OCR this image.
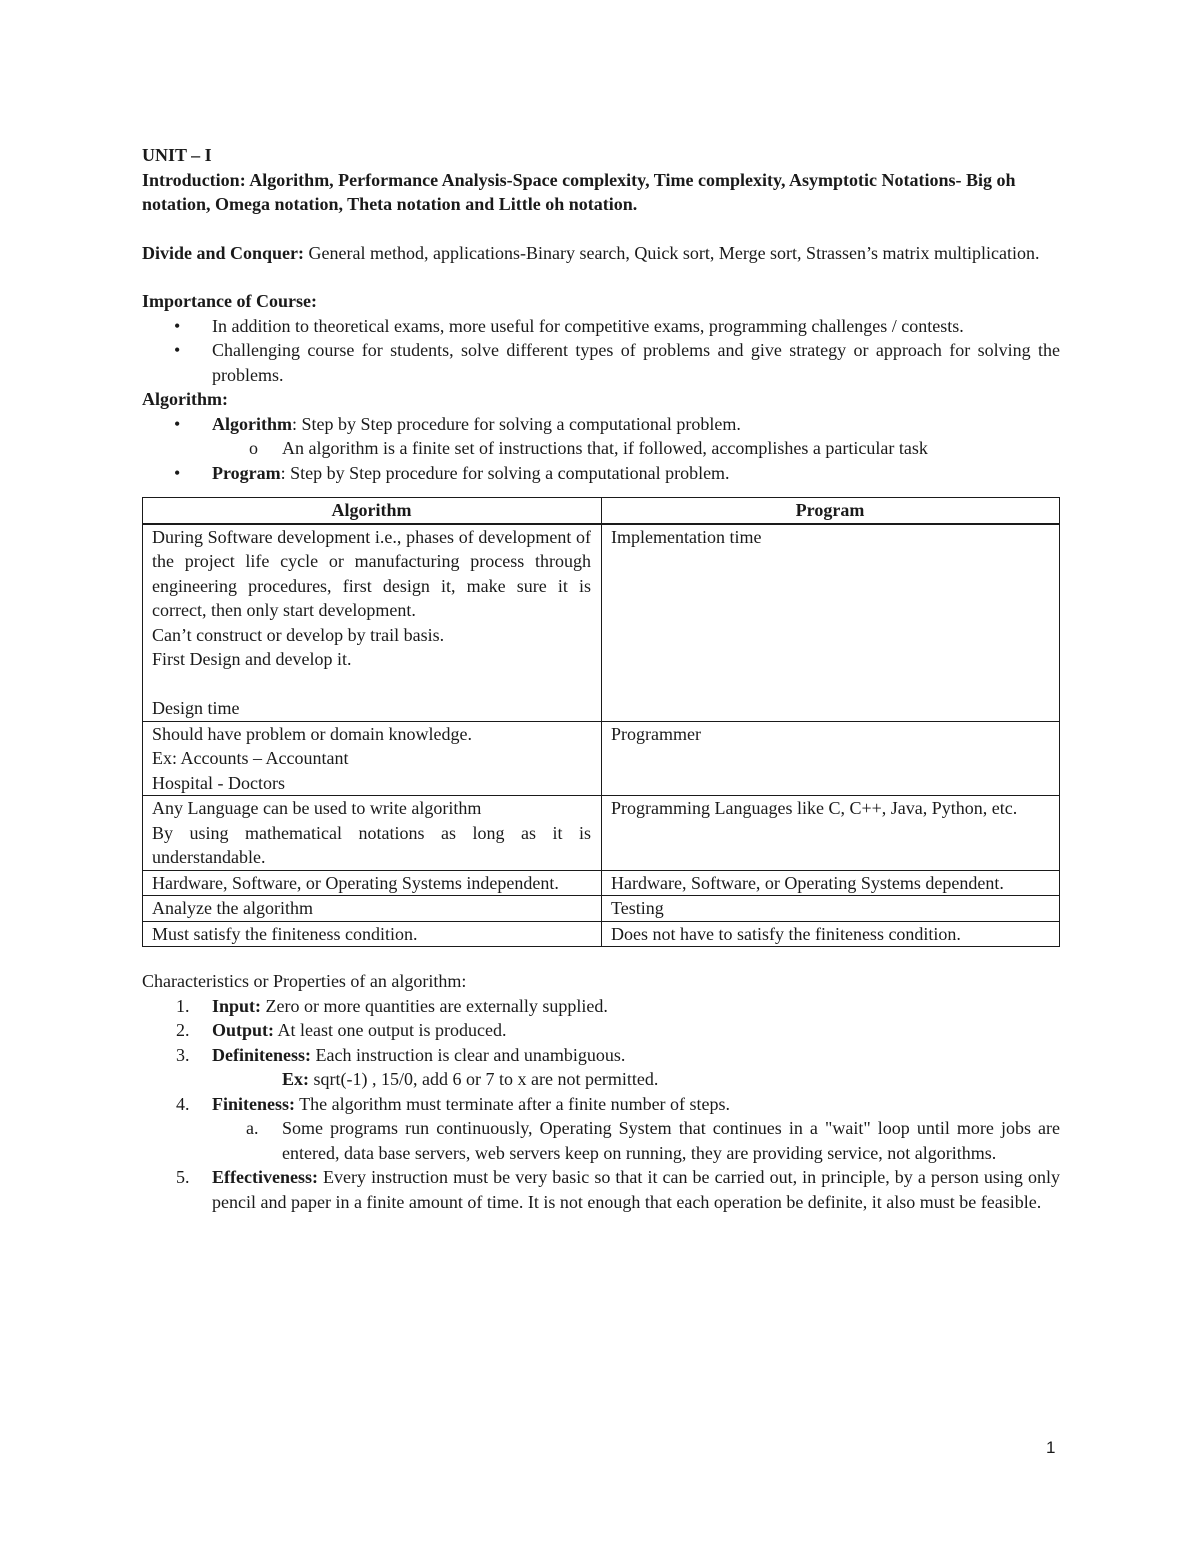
UNIT – I

Introduction: Algorithm, Performance Analysis-Space complexity, Time complexity, Asymptotic Notations- Big oh notation, Omega notation, Theta notation and Little oh notation.

Divide and Conquer: General method, applications-Binary search, Quick sort, Merge sort, Strassen’s matrix multiplication.

Importance of Course:

• In addition to theoretical exams, more useful for competitive exams, programming challenges / contests.
• Challenging course for students, solve different types of problems and give strategy or approach for solving the problems.

Algorithm:

• Algorithm: Step by Step procedure for solving a computational problem.
o An algorithm is a finite set of instructions that, if followed, accomplishes a particular task
• Program: Step by Step procedure for solving a computational problem.
Algorithm	Program

During Software development i.e., phases of development of the project life cycle or manufacturing process through engineering procedures, first design it, make sure it is correct, then only start development.
Can’t construct or develop by trail basis.
First Design and develop it.

Design time	Implementation time

Should have problem or domain knowledge.
Ex: Accounts – Accountant
Hospital - Doctors	Programmer

Any Language can be used to write algorithm
By using mathematical notations as long as it is understandable.	Programming Languages like C, C++, Java, Python, etc.

Hardware, Software, or Operating Systems independent.	Hardware, Software, or Operating Systems dependent.

Analyze the algorithm	Testing

Must satisfy the finiteness condition.	Does not have to satisfy the finiteness condition.

Characteristics or Properties of an algorithm:

1. Input: Zero or more quantities are externally supplied.
2. Output: At least one output is produced.
3. Definiteness: Each instruction is clear and unambiguous.
Ex: sqrt(-1) , 15/0, add 6 or 7 to x are not permitted.
4. Finiteness: The algorithm must terminate after a finite number of steps.
a. Some programs run continuously, Operating System that continues in a "wait" loop until more jobs are entered, data base servers, web servers keep on running, they are providing service, not algorithms.
5. Effectiveness: Every instruction must be very basic so that it can be carried out, in principle, by a person using only pencil and paper in a finite amount of time. It is not enough that each operation be definite, it also must be feasible.
1
